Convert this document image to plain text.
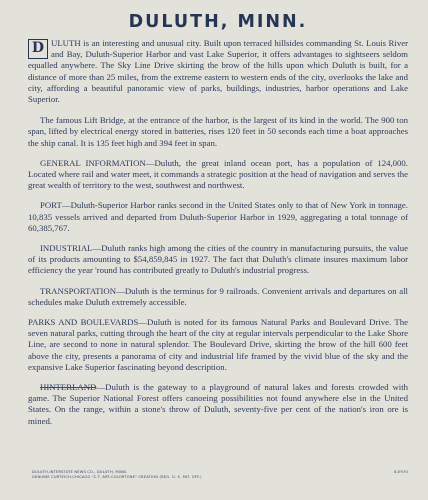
DULUTH, MINN.

D ULUTH is an interesting and unusual city. Built upon terraced hillsides commanding St. Louis River and Bay, Duluth-Superior Harbor and vast Lake Superior, it offers advantages to sightseers seldom equalled anywhere. The Sky Line Drive skirting the brow of the hills upon which Duluth is built, for a distance of more than 25 miles, from the extreme eastern to western ends of the city, overlooks the lake and city, affording a beautiful panoramic view of parks, buildings, industries, harbor operations and Lake Superior.

The famous Lift Bridge, at the entrance of the harbor, is the largest of its kind in the world. The 900 ton span, lifted by electrical energy stored in batteries, rises 120 feet in 50 seconds each time a boat approaches the ship canal. It is 135 feet high and 394 feet in span.

GENERAL INFORMATION—Duluth, the great inland ocean port, has a population of 124,000. Located where rail and water meet, it commands a strategic position at the head of navigation and serves the great wealth of territory to the west, southwest and northwest.

PORT—Duluth-Superior Harbor ranks second in the United States only to that of New York in tonnage. 10,835 vessels arrived and departed from Duluth-Superior Harbor in 1929, aggregating a total tonnage of 60,385,767.

INDUSTRIAL—Duluth ranks high among the cities of the country in manufacturing pursuits, the value of its products amounting to $54,859,845 in 1927. The fact that Duluth's climate insures maximum labor efficiency the year 'round has contributed greatly to Duluth's industrial progress.

TRANSPORTATION—Duluth is the terminus for 9 railroads. Convenient arrivals and departures on all schedules make Duluth extremely accessible.

PARKS AND BOULEVARDS—Duluth is noted for its famous Natural Parks and Boulevard Drive. The seven natural parks, cutting through the heart of the city at regular intervals perpendicular to the Lake Shore Line, are second to none in natural splendor. The Boulevard Drive, skirting the brow of the hill 600 feet above the city, presents a panorama of city and industrial life framed by the vivid blue of the sky and the expansive Lake Superior fascinating beyond description.

HINTERLAND—Duluth is the gateway to a playground of natural lakes and forests crowded with game. The Superior National Forest offers canoeing possibilities not found anywhere else in the United States. On the range, within a stone's throw of Duluth, seventy-five per cent of the nation's iron ore is mined.

DULUTH-INTERSTATE NEWS CO., DULUTH, MINN.	8-E970
GENUINE CURTEICH-CHICAGO "C.T. ART-COLORTONE" CREATION (REG. U. S. PAT. OFF.)
